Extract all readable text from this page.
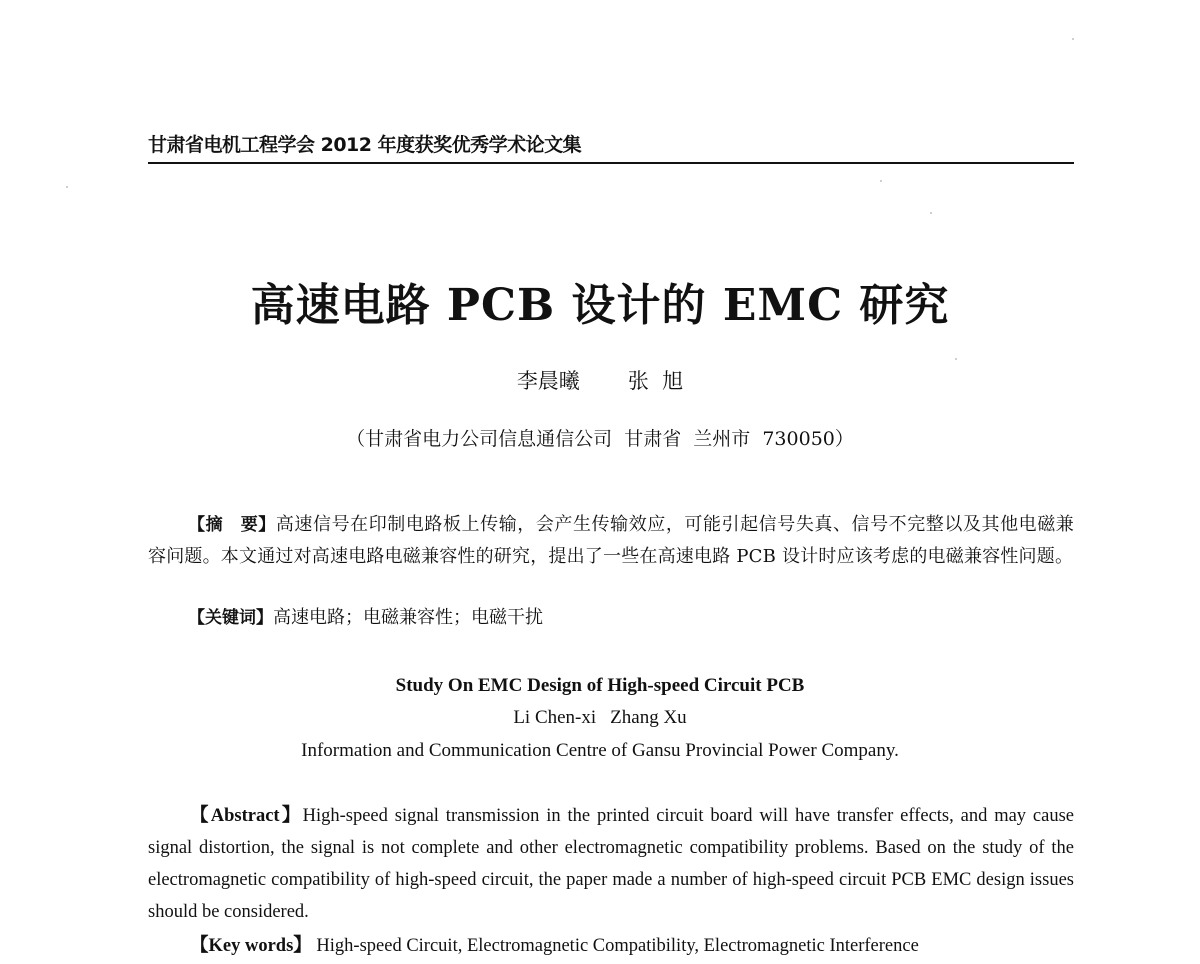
甘肃省电机工程学会 2012 年度获奖优秀学术论文集
高速电路 PCB 设计的 EMC 研究
李晨曦 张  旭
（甘肃省电力公司信息通信公司  甘肃省  兰州市  730050）
【摘　要】高速信号在印制电路板上传输，会产生传输效应，可能引起信号失真、信号不完整以及其他电磁兼容问题。本文通过对高速电路电磁兼容性的研究，提出了一些在高速电路 PCB 设计时应该考虑的电磁兼容性问题。
【关键词】高速电路；电磁兼容性；电磁干扰
Study On EMC Design of High-speed Circuit PCB
Li Chen-xi Zhang Xu
Information and Communication Centre of Gansu Provincial Power Company.
【Abstract】High-speed signal transmission in the printed circuit board will have transfer effects, and may cause signal distortion, the signal is not complete and other electromagnetic compatibility problems. Based on the study of the electromagnetic compatibility of high-speed circuit, the paper made a number of high-speed circuit PCB EMC design issues should be considered.
【Key words】 High-speed Circuit, Electromagnetic Compatibility, Electromagnetic Interference
